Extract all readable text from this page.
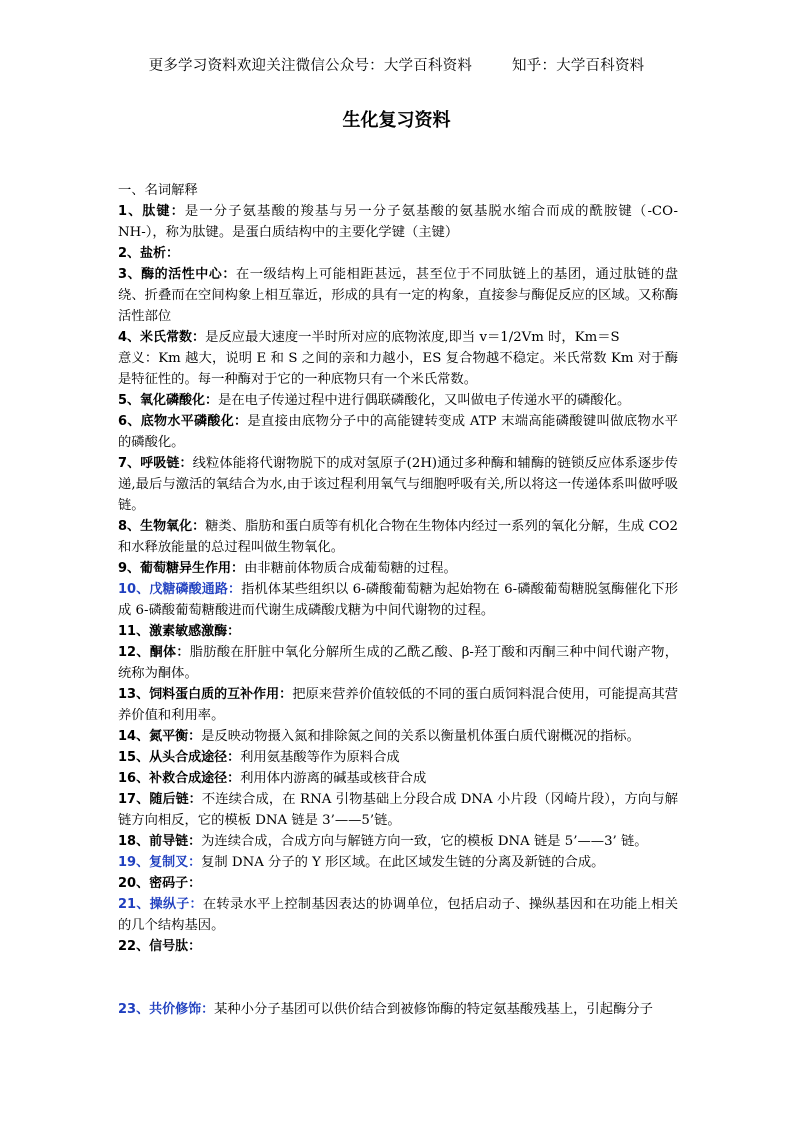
更多学习资料欢迎关注微信公众号：大学百科资料	知乎：大学百科资料
生化复习资料

一、名词解释

1、肽键：是一分子氨基酸的羧基与另一分子氨基酸的氨基脱水缩合而成的酰胺键（-CO-NH-），称为肽键。是蛋白质结构中的主要化学键（主键）

2、盐析：

3、酶的活性中心：在一级结构上可能相距甚远，甚至位于不同肽链上的基团，通过肽链的盘绕、折叠而在空间构象上相互靠近，形成的具有一定的构象，直接参与酶促反应的区域。又称酶活性部位

4、米氏常数：是反应最大速度一半时所对应的底物浓度,即当 v＝1/2Vm 时，Km＝S

意义：Km 越大，说明 E 和 S 之间的亲和力越小，ES 复合物越不稳定。米氏常数 Km 对于酶是特征性的。每一种酶对于它的一种底物只有一个米氏常数。

5、氧化磷酸化：是在电子传递过程中进行偶联磷酸化，又叫做电子传递水平的磷酸化。

6、底物水平磷酸化：是直接由底物分子中的高能键转变成 ATP 末端高能磷酸键叫做底物水平的磷酸化。

7、呼吸链：线粒体能将代谢物脱下的成对氢原子(2H)通过多种酶和辅酶的链锁反应体系逐步传递,最后与激活的氧结合为水,由于该过程利用氧气与细胞呼吸有关,所以将这一传递体系叫做呼吸链。

8、生物氧化：糖类、脂肪和蛋白质等有机化合物在生物体内经过一系列的氧化分解，生成 CO2 和水释放能量的总过程叫做生物氧化。

9、葡萄糖异生作用：由非糖前体物质合成葡萄糖的过程。

10、戊糖磷酸通路：指机体某些组织以 6-磷酸葡萄糖为起始物在 6-磷酸葡萄糖脱氢酶催化下形成 6-磷酸葡萄糖酸进而代谢生成磷酸戊糖为中间代谢物的过程。

11、激素敏感激酶：

12、酮体：脂肪酸在肝脏中氧化分解所生成的乙酰乙酸、β-羟丁酸和丙酮三种中间代谢产物，统称为酮体。

13、饲料蛋白质的互补作用：把原来营养价值较低的不同的蛋白质饲料混合使用，可能提高其营养价值和利用率。

14、氮平衡：是反映动物摄入氮和排除氮之间的关系以衡量机体蛋白质代谢概况的指标。

15、从头合成途径：利用氨基酸等作为原料合成

16、补救合成途径：利用体内游离的碱基或核苷合成

17、随后链：不连续合成，在 RNA 引物基础上分段合成 DNA 小片段（冈崎片段），方向与解链方向相反，它的模板 DNA 链是 3’——5’链。

18、前导链：为连续合成，合成方向与解链方向一致，它的模板 DNA 链是 5’——3’ 链。

19、复制叉：复制 DNA 分子的 Y 形区域。在此区域发生链的分离及新链的合成。

20、密码子：

21、操纵子：在转录水平上控制基因表达的协调单位，包括启动子、操纵基因和在功能上相关的几个结构基因。

22、信号肽：

23、共价修饰：某种小分子基团可以供价结合到被修饰酶的特定氨基酸残基上，引起酶分子
